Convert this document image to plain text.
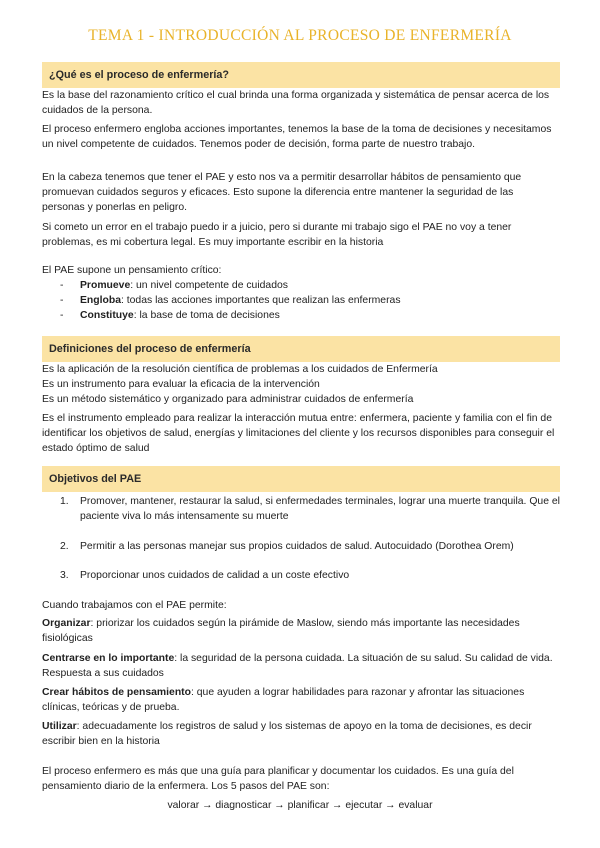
TEMA 1 - INTRODUCCIÓN AL PROCESO DE ENFERMERÍA
¿Qué es el proceso de enfermería?

Es la base del razonamiento crítico el cual brinda una forma organizada y sistemática de pensar acerca de los cuidados de la persona.

El proceso enfermero engloba acciones importantes, tenemos la base de la toma de decisiones y necesitamos un nivel competente de cuidados. Tenemos poder de decisión, forma parte de nuestro trabajo.

En la cabeza tenemos que tener el PAE y esto nos va a permitir desarrollar hábitos de pensamiento que promuevan cuidados seguros y eficaces. Esto supone la diferencia entre mantener la seguridad de las personas y ponerlas en peligro.

Si cometo un error en el trabajo puedo ir a juicio, pero si durante mi trabajo sigo el PAE no voy a tener problemas, es mi cobertura legal. Es muy importante escribir en la historia

El PAE supone un pensamiento crítico:

-	Promueve: un nivel competente de cuidados
-	Engloba: todas las acciones importantes que realizan las enfermeras
-	Constituye: la base de toma de decisiones
Definiciones del proceso de enfermería

Es la aplicación de la resolución científica de problemas a los cuidados de Enfermería

Es un instrumento para evaluar la eficacia de la intervención

Es un método sistemático y organizado para administrar cuidados de enfermería

Es el instrumento empleado para realizar la interacción mutua entre: enfermera, paciente y familia con el fin de identificar los objetivos de salud, energías y limitaciones del cliente y los recursos disponibles para conseguir el estado óptimo de salud

Objetivos del PAE
1.	Promover, mantener, restaurar la salud, si enfermedades terminales, lograr una muerte tranquila. Que el paciente viva lo más intensamente su muerte
2.	Permitir a las personas manejar sus propios cuidados de salud. Autocuidado (Dorothea Orem)
3.	Proporcionar unos cuidados de calidad a un coste efectivo

Cuando trabajamos con el PAE permite:

Organizar: priorizar los cuidados según la pirámide de Maslow, siendo más importante las necesidades fisiológicas

Centrarse en lo importante: la seguridad de la persona cuidada. La situación de su salud. Su calidad de vida. Respuesta a sus cuidados

Crear hábitos de pensamiento: que ayuden a lograr habilidades para razonar y afrontar las situaciones clínicas, teóricas y de prueba.

Utilizar: adecuadamente los registros de salud y los sistemas de apoyo en la toma de decisiones, es decir escribir bien en la historia

El proceso enfermero es más que una guía para planificar y documentar los cuidados. Es una guía del pensamiento diario de la enfermera. Los 5 pasos del PAE son:

valorar → diagnosticar → planificar → ejecutar → evaluar
